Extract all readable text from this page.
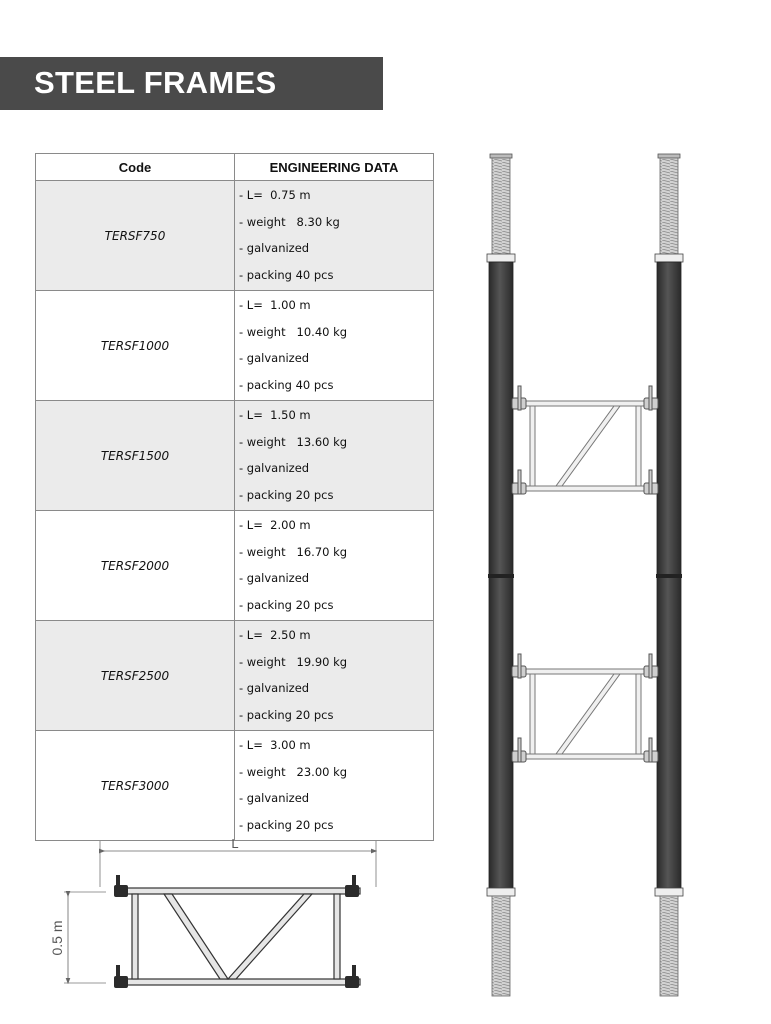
STEEL FRAMES
Code	ENGINEERING DATA
TERSF750	- L=  0.75 m
- weight   8.30 kg
- galvanized
- packing 40 pcs

TERSF1000	- L=  1.00 m
- weight   10.40 kg
- galvanized
- packing 40 pcs

TERSF1500	- L=  1.50 m
- weight   13.60 kg
- galvanized
- packing 20 pcs

TERSF2000	- L=  2.00 m
- weight   16.70 kg
- galvanized
- packing 20 pcs

TERSF2500	- L=  2.50 m
- weight   19.90 kg
- galvanized
- packing 20 pcs

TERSF3000	- L=  3.00 m
- weight   23.00 kg
- galvanized
- packing 20 pcs
L
0.5 m
